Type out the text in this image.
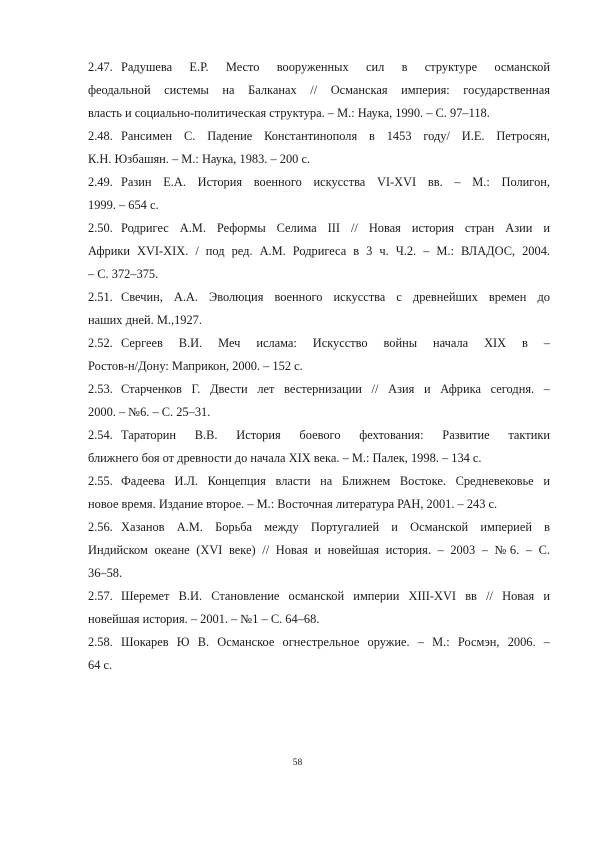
2.47. Радушева Е.Р. Место вооруженных сил в структуре османской
феодальной системы на Балканах // Османская империя: государственная
власть и социально-политическая структура. – М.: Наука, 1990. – С. 97–118.
2.48. Рансимен С. Падение Константинополя в 1453 году/ И.Е. Петросян,
К.Н. Юзбашян. – М.: Наука, 1983. – 200 с.
2.49. Разин Е.А. История военного искусства VI-XVI вв. – М.: Полигон,
1999. – 654 с.
2.50. Родригес А.М. Реформы Селима III // Новая история стран Азии и
Африки XVI-XIX. / под ред. А.М. Родригеса в 3 ч. Ч.2. – М.: ВЛАДОС, 2004.
– С. 372–375.
2.51. Свечин, А.А. Эволюция военного искусства с древнейших времен до
наших дней. М.,1927.
2.52. Сергеев В.И. Меч ислама: Искусство войны начала XIX в –
Ростов-н/Дону: Маприкон, 2000. – 152 с.
2.53. Старченков Г. Двести лет вестернизации // Азия и Африка сегодня. –
2000. – №6. – С. 25–31.
2.54. Тараторин В.В. История боевого фехтования: Развитие тактики
ближнего боя от древности до начала XIX века. – М.: Палек, 1998. – 134 с.
2.55. Фадеева И.Л. Концепция власти на Ближнем Востоке. Средневековье и
новое время. Издание второе. – М.: Восточная литература РАН, 2001. – 243 с.
2.56. Хазанов А.М. Борьба между Португалией и Османской империей в
Индийском океане (XVI веке) // Новая и новейшая история. – 2003 – №6. – С.
36–58.
2.57. Шеремет В.И. Становление османской империи XIII-XVI вв // Новая и
новейшая история. – 2001. – №1 – С. 64–68.
2.58. Шокарев Ю В. Османское огнестрельное оружие. – М.: Росмэн, 2006. –
64 с.
58
